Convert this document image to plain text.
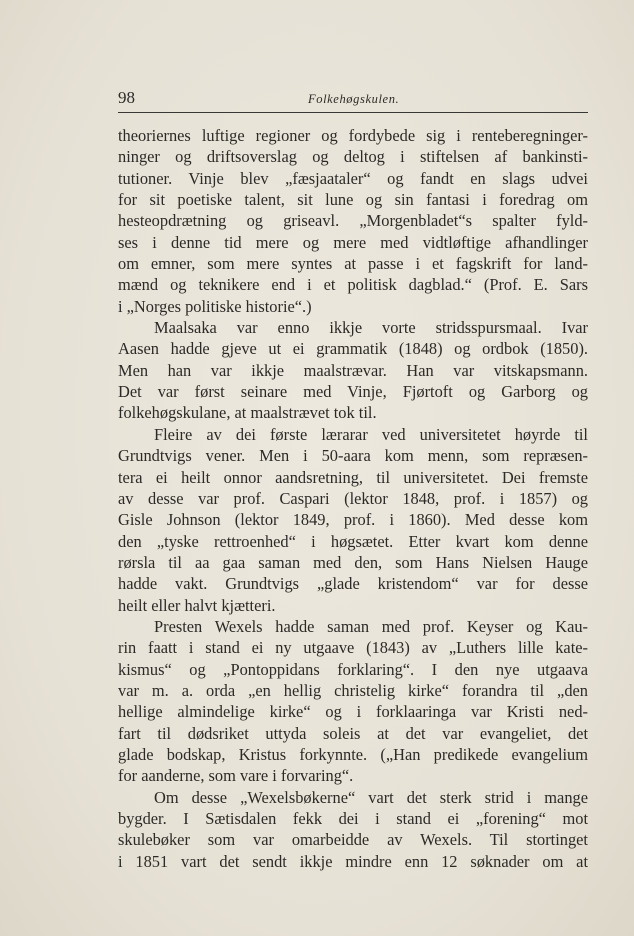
98	Folkehøgskulen.
theoriernes luftige regioner og fordybede sig i renteberegninger-
ninger og driftsoverslag og deltog i stiftelsen af bankinsti-
tutioner. Vinje blev „fæsjaataler“ og fandt en slags udvei
for sit poetiske talent, sit lune og sin fantasi i foredrag om
hesteopdrætning og griseavl. „Morgenbladet“s spalter fyld-
ses i denne tid mere og mere med vidtløftige afhandlinger
om emner, som mere syntes at passe i et fagskrift for land-
mænd og teknikere end i et politisk dagblad.“ (Prof. E. Sars
i „Norges politiske historie“.)
Maalsaka var enno ikkje vorte stridsspursmaal. Ivar
Aasen hadde gjeve ut ei grammatik (1848) og ordbok (1850).
Men han var ikkje maalstrævar. Han var vitskapsmann.
Det var først seinare med Vinje, Fjørtoft og Garborg og
folkehøgskulane, at maalstrævet tok til.
Fleire av dei første lærarar ved universitetet høyrde til
Grundtvigs vener. Men i 50-aara kom menn, som repræsen-
tera ei heilt onnor aandsretning, til universitetet. Dei fremste
av desse var prof. Caspari (lektor 1848, prof. i 1857) og
Gisle Johnson (lektor 1849, prof. i 1860). Med desse kom
den „tyske rettroenhed“ i høgsætet. Etter kvart kom denne
rørsla til aa gaa saman med den, som Hans Nielsen Hauge
hadde vakt. Grundtvigs „glade kristendom“ var for desse
heilt eller halvt kjætteri.
Presten Wexels hadde saman med prof. Keyser og Kau-
rin faatt i stand ei ny utgaave (1843) av „Luthers lille kate-
kismus“ og „Pontoppidans forklaring“. I den nye utgaava
var m. a. orda „en hellig christelig kirke“ forandra til „den
hellige almindelige kirke“ og i forklaaringa var Kristi ned-
fart til dødsriket uttyda soleis at det var evangeliet, det
glade bodskap, Kristus forkynnte. („Han predikede evangelium
for aanderne, som vare i forvaring“.
Om desse „Wexelsbøkerne“ vart det sterk strid i mange
bygder. I Sætisdalen fekk dei i stand ei „forening“ mot
skulebøker som var omarbeidde av Wexels. Til stortinget
i 1851 vart det sendt ikkje mindre enn 12 søknader om at
